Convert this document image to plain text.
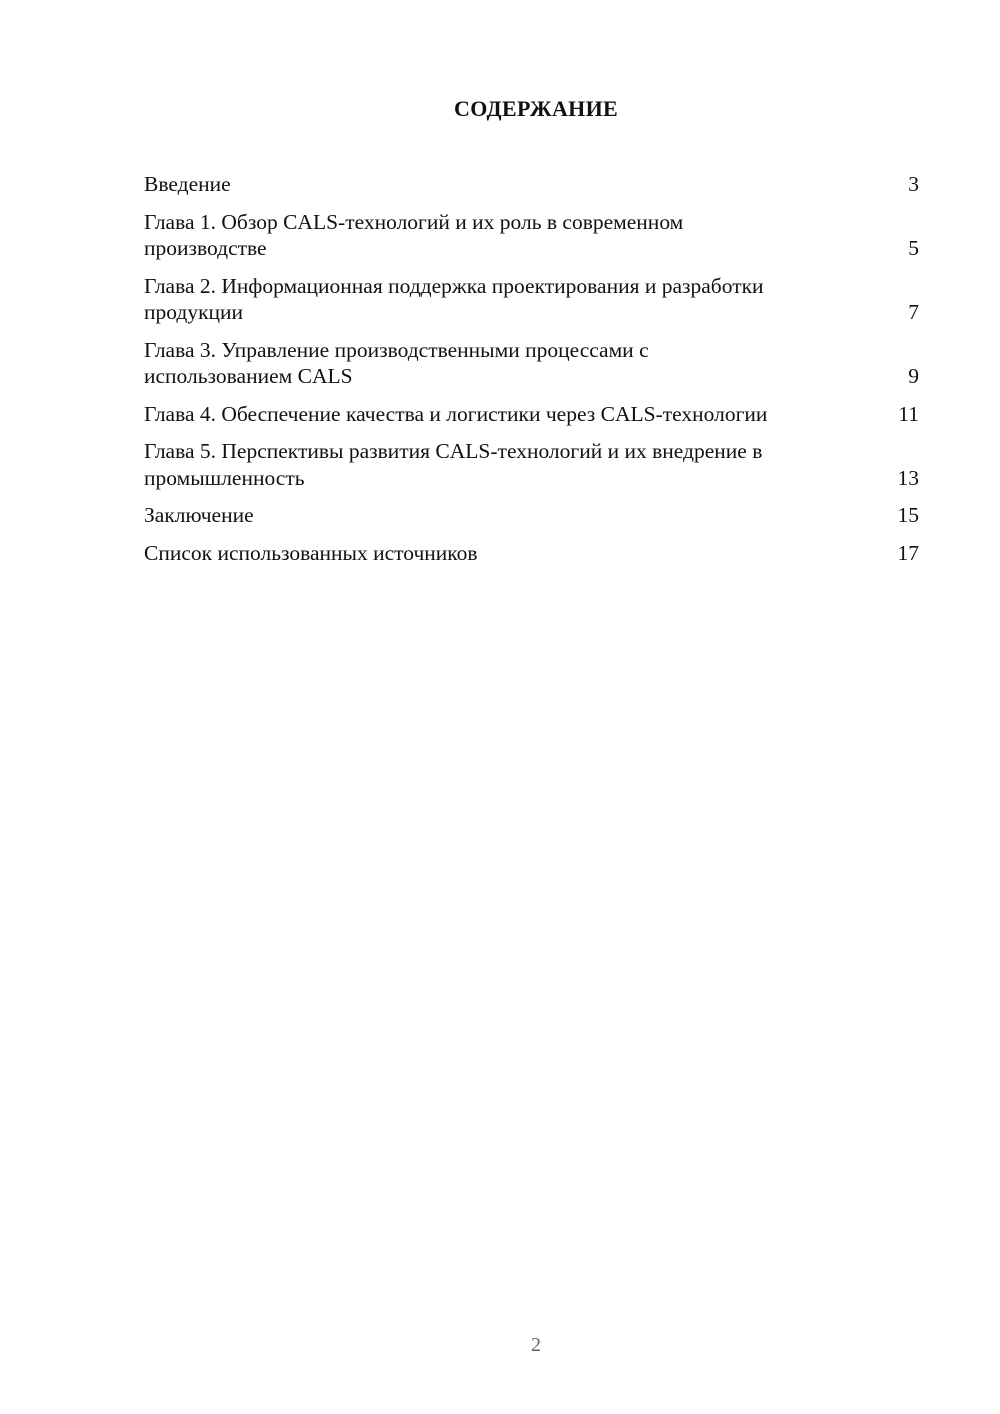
СОДЕРЖАНИЕ
Введение	3
Глава 1. Обзор CALS-технологий и их роль в современном производстве	5
Глава 2. Информационная поддержка проектирования и разработки продукции	7
Глава 3. Управление производственными процессами с использованием CALS	9
Глава 4. Обеспечение качества и логистики через CALS-технологии	11
Глава 5. Перспективы развития CALS-технологий и их внедрение в промышленность	13
Заключение	15
Список использованных источников	17
2
